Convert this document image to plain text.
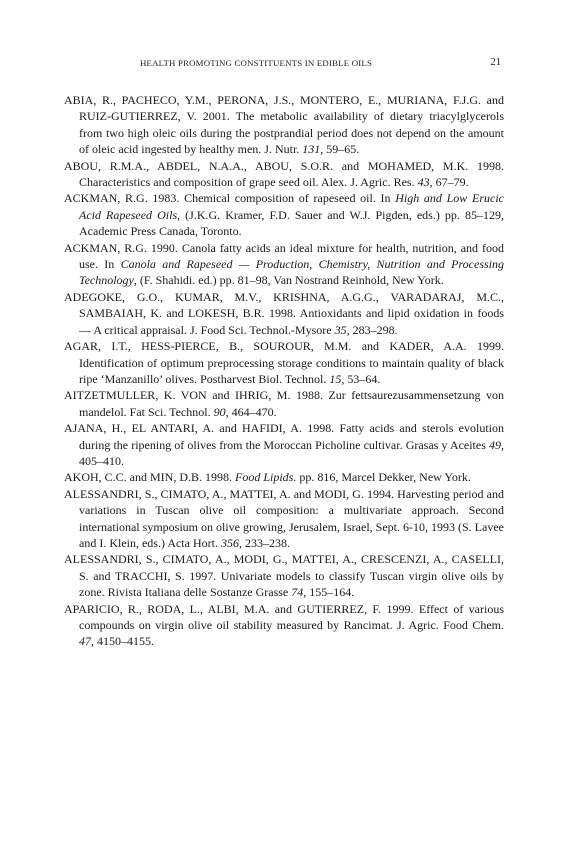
HEALTH PROMOTING CONSTITUENTS IN EDIBLE OILS	21

ABIA, R., PACHECO, Y.M., PERONA, J.S., MONTERO, E., MURIANA, F.J.G. and RUIZ-GUTIERREZ, V. 2001. The metabolic availability of dietary triacylglycerols from two high oleic oils during the postprandial period does not depend on the amount of oleic acid ingested by healthy men. J. Nutr. 131, 59–65.

ABOU, R.M.A., ABDEL, N.A.A., ABOU, S.O.R. and MOHAMED, M.K. 1998. Characteristics and composition of grape seed oil. Alex. J. Agric. Res. 43, 67–79.

ACKMAN, R.G. 1983. Chemical composition of rapeseed oil. In High and Low Erucic Acid Rapeseed Oils, (J.K.G. Kramer, F.D. Sauer and W.J. Pigden, eds.) pp. 85–129, Academic Press Canada, Toronto.

ACKMAN, R.G. 1990. Canola fatty acids an ideal mixture for health, nutrition, and food use. In Canola and Rapeseed — Production, Chemistry, Nutrition and Processing Technology, (F. Shahidi. ed.) pp. 81–98, Van Nostrand Reinhold, New York.

ADEGOKE, G.O., KUMAR, M.V., KRISHNA, A.G.G., VARADARAJ, M.C., SAMBAIAH, K. and LOKESH, B.R. 1998. Antioxidants and lipid oxidation in foods — A critical appraisal. J. Food Sci. Technol.-Mysore 35, 283–298.

AGAR, I.T., HESS-PIERCE, B., SOUROUR, M.M. and KADER, A.A. 1999. Identification of optimum preprocessing storage conditions to maintain quality of black ripe ‘Manzanillo’ olives. Postharvest Biol. Technol. 15, 53–64.

AITZETMULLER, K. VON and IHRIG, M. 1988. Zur fettsaurezusammensetzung von mandelol. Fat Sci. Technol. 90, 464–470.

AJANA, H., EL ANTARI, A. and HAFIDI, A. 1998. Fatty acids and sterols evolution during the ripening of olives from the Moroccan Picholine cultivar. Grasas y Aceites 49, 405–410.

AKOH, C.C. and MIN, D.B. 1998. Food Lipids. pp. 816, Marcel Dekker, New York.

ALESSANDRI, S., CIMATO, A., MATTEI, A. and MODI, G. 1994. Harvesting period and variations in Tuscan olive oil composition: a multivariate approach. Second international symposium on olive growing, Jerusalem, Israel, Sept. 6-10, 1993 (S. Lavee and I. Klein, eds.) Acta Hort. 356, 233–238.

ALESSANDRI, S., CIMATO, A., MODI, G., MATTEI, A., CRESCENZI, A., CASELLI, S. and TRACCHI, S. 1997. Univariate models to classify Tuscan virgin olive oils by zone. Rivista Italiana delle Sostanze Grasse 74, 155–164.

APARICIO, R., RODA, L., ALBI, M.A. and GUTIERREZ, F. 1999. Effect of various compounds on virgin olive oil stability measured by Rancimat. J. Agric. Food Chem. 47, 4150–4155.
